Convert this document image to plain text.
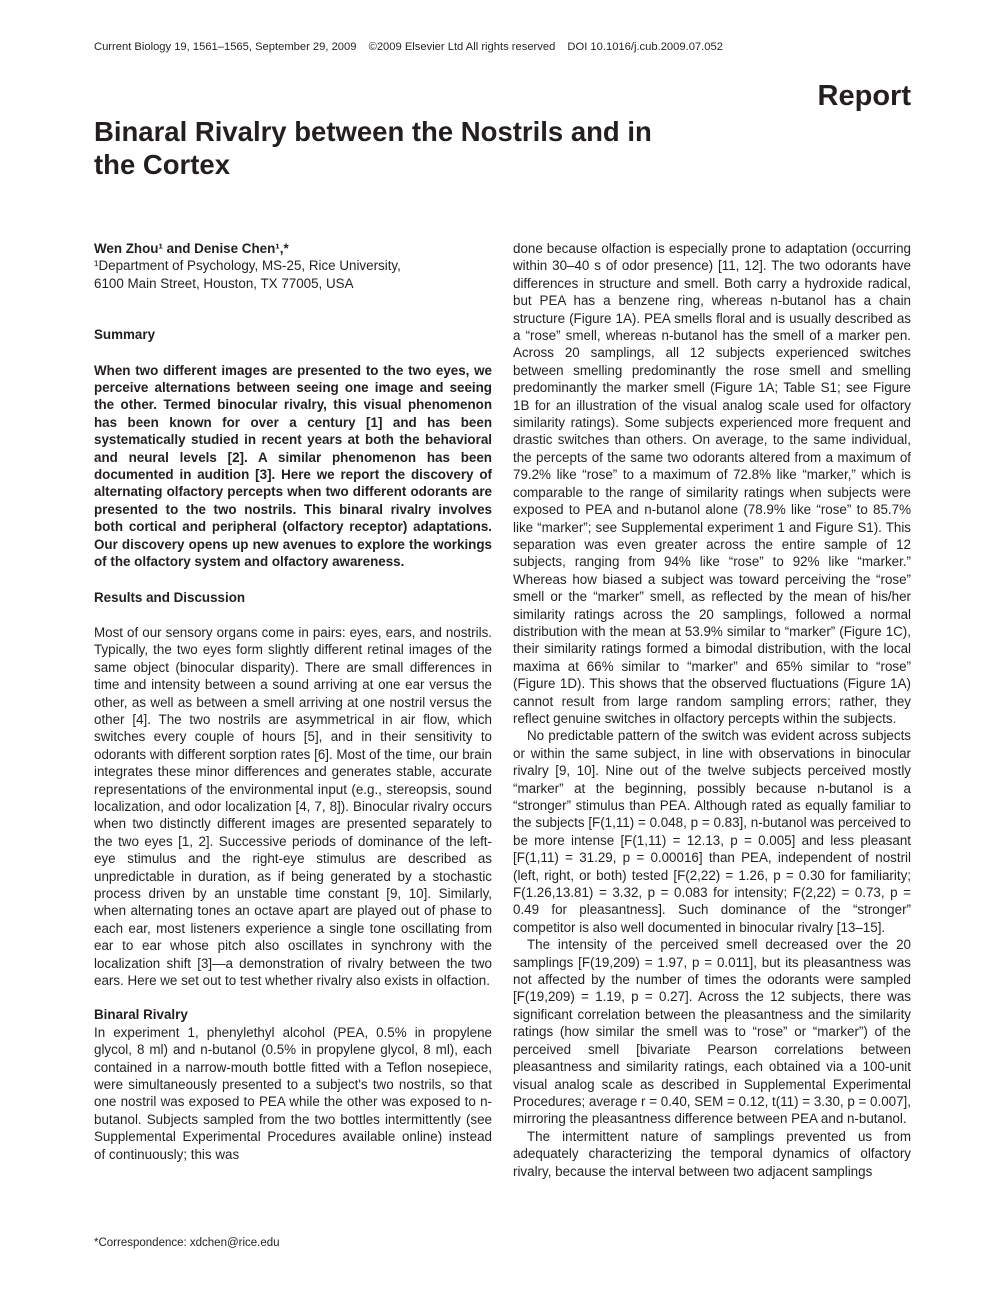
Current Biology 19, 1561–1565, September 29, 2009 ©2009 Elsevier Ltd All rights reserved DOI 10.1016/j.cub.2009.07.052
Report
Binaral Rivalry between the Nostrils and in the Cortex

Wen Zhou¹ and Denise Chen¹,*

¹Department of Psychology, MS-25, Rice University,

6100 Main Street, Houston, TX 77005, USA

Summary

When two different images are presented to the two eyes, we perceive alternations between seeing one image and seeing the other. Termed binocular rivalry, this visual phenomenon has been known for over a century [1] and has been systematically studied in recent years at both the behavioral and neural levels [2]. A similar phenomenon has been documented in audition [3]. Here we report the discovery of alternating olfactory percepts when two different odorants are presented to the two nostrils. This binaral rivalry involves both cortical and peripheral (olfactory receptor) adaptations. Our discovery opens up new avenues to explore the workings of the olfactory system and olfactory awareness.

Results and Discussion

Most of our sensory organs come in pairs: eyes, ears, and nostrils. Typically, the two eyes form slightly different retinal images of the same object (binocular disparity). There are small differences in time and intensity between a sound arriving at one ear versus the other, as well as between a smell arriving at one nostril versus the other [4]. The two nostrils are asymmetrical in air flow, which switches every couple of hours [5], and in their sensitivity to odorants with different sorption rates [6]. Most of the time, our brain integrates these minor differences and generates stable, accurate representations of the environmental input (e.g., stereopsis, sound localization, and odor localization [4, 7, 8]). Binocular rivalry occurs when two distinctly different images are presented separately to the two eyes [1, 2]. Successive periods of dominance of the left-eye stimulus and the right-eye stimulus are described as unpredictable in duration, as if being generated by a stochastic process driven by an unstable time constant [9, 10]. Similarly, when alternating tones an octave apart are played out of phase to each ear, most listeners experience a single tone oscillating from ear to ear whose pitch also oscillates in synchrony with the localization shift [3]—a demonstration of rivalry between the two ears. Here we set out to test whether rivalry also exists in olfaction.

Binaral Rivalry

In experiment 1, phenylethyl alcohol (PEA, 0.5% in propylene glycol, 8 ml) and n-butanol (0.5% in propylene glycol, 8 ml), each contained in a narrow-mouth bottle fitted with a Teflon nosepiece, were simultaneously presented to a subject's two nostrils, so that one nostril was exposed to PEA while the other was exposed to n-butanol. Subjects sampled from the two bottles intermittently (see Supplemental Experimental Procedures available online) instead of continuously; this was

done because olfaction is especially prone to adaptation (occurring within 30–40 s of odor presence) [11, 12]. The two odorants have differences in structure and smell. Both carry a hydroxide radical, but PEA has a benzene ring, whereas n-butanol has a chain structure (Figure 1A). PEA smells floral and is usually described as a “rose” smell, whereas n-butanol has the smell of a marker pen. Across 20 samplings, all 12 subjects experienced switches between smelling predominantly the rose smell and smelling predominantly the marker smell (Figure 1A; Table S1; see Figure 1B for an illustration of the visual analog scale used for olfactory similarity ratings). Some subjects experienced more frequent and drastic switches than others. On average, to the same individual, the percepts of the same two odorants altered from a maximum of 79.2% like “rose” to a maximum of 72.8% like “marker,” which is comparable to the range of similarity ratings when subjects were exposed to PEA and n-butanol alone (78.9% like “rose” to 85.7% like “marker”; see Supplemental experiment 1 and Figure S1). This separation was even greater across the entire sample of 12 subjects, ranging from 94% like “rose” to 92% like “marker.” Whereas how biased a subject was toward perceiving the “rose” smell or the “marker” smell, as reflected by the mean of his/her similarity ratings across the 20 samplings, followed a normal distribution with the mean at 53.9% similar to “marker” (Figure 1C), their similarity ratings formed a bimodal distribution, with the local maxima at 66% similar to “marker” and 65% similar to “rose” (Figure 1D). This shows that the observed fluctuations (Figure 1A) cannot result from large random sampling errors; rather, they reflect genuine switches in olfactory percepts within the subjects.

No predictable pattern of the switch was evident across subjects or within the same subject, in line with observations in binocular rivalry [9, 10]. Nine out of the twelve subjects perceived mostly “marker” at the beginning, possibly because n-butanol is a “stronger” stimulus than PEA. Although rated as equally familiar to the subjects [F(1,11) = 0.048, p = 0.83], n-butanol was perceived to be more intense [F(1,11) = 12.13, p = 0.005] and less pleasant [F(1,11) = 31.29, p = 0.00016] than PEA, independent of nostril (left, right, or both) tested [F(2,22) = 1.26, p = 0.30 for familiarity; F(1.26,13.81) = 3.32, p = 0.083 for intensity; F(2,22) = 0.73, p = 0.49 for pleasantness]. Such dominance of the “stronger” competitor is also well documented in binocular rivalry [13–15].

The intensity of the perceived smell decreased over the 20 samplings [F(19,209) = 1.97, p = 0.011], but its pleasantness was not affected by the number of times the odorants were sampled [F(19,209) = 1.19, p = 0.27]. Across the 12 subjects, there was significant correlation between the pleasantness and the similarity ratings (how similar the smell was to “rose” or “marker”) of the perceived smell [bivariate Pearson correlations between pleasantness and similarity ratings, each obtained via a 100-unit visual analog scale as described in Supplemental Experimental Procedures; average r = 0.40, SEM = 0.12, t(11) = 3.30, p = 0.007], mirroring the pleasantness difference between PEA and n-butanol.

The intermittent nature of samplings prevented us from adequately characterizing the temporal dynamics of olfactory rivalry, because the interval between two adjacent samplings

*Correspondence: xdchen@rice.edu
